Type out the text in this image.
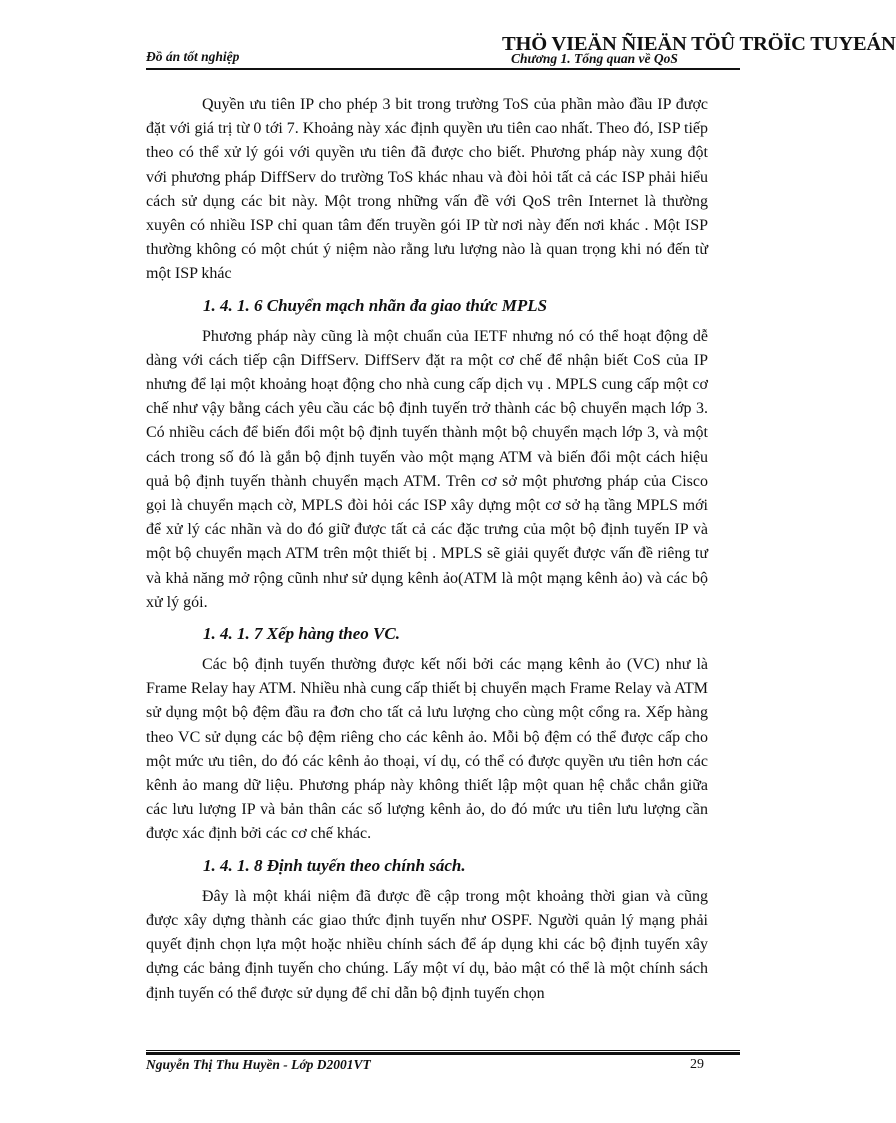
Đồ án tốt nghiệp	Chương 1. Tổng quan về QoS
THÖ VIEÄN ÑIEÄN TÖÛ TRÖÏC TUYEÁN

Quyền ưu tiên IP cho phép 3 bit trong trường ToS của phần mào đầu IP được đặt với giá trị từ 0 tới 7. Khoảng này xác định quyền ưu tiên cao nhất. Theo đó, ISP tiếp theo có thể xử lý gói với quyền ưu tiên đã được cho biết. Phương pháp này xung đột với phương pháp DiffServ do trường ToS khác nhau và đòi hỏi tất cả các ISP phải hiểu cách sử dụng các bit này. Một trong những vấn đề với QoS trên Internet là thường xuyên có nhiều ISP chỉ quan tâm đến truyền gói IP từ nơi này đến nơi khác . Một ISP thường không có một chút ý niệm nào rằng lưu lượng nào là quan trọng khi nó đến từ một ISP khác

1. 4. 1. 6 Chuyển mạch nhãn đa giao thức MPLS

Phương pháp này cũng là một chuẩn của IETF nhưng nó có thể hoạt động dễ dàng với cách tiếp cận DiffServ. DiffServ đặt ra một cơ chế để nhận biết CoS của IP nhưng để lại một khoảng hoạt động cho nhà cung cấp dịch vụ . MPLS cung cấp một cơ chế như vậy bằng cách yêu cầu các bộ định tuyến trở thành các bộ chuyển mạch lớp 3. Có nhiều cách để biến đổi một bộ định tuyến thành một bộ chuyển mạch lớp 3, và một cách trong số đó là gắn bộ định tuyến vào một mạng ATM và biến đổi một cách hiệu quả bộ định tuyến thành chuyển mạch ATM. Trên cơ sở một phương pháp của Cisco gọi là chuyển mạch cờ, MPLS đòi hỏi các ISP xây dựng một cơ sở hạ tầng MPLS mới để xử lý các nhãn và do đó giữ được tất cả các đặc trưng của một bộ định tuyến IP và một bộ chuyển mạch ATM trên một thiết bị . MPLS sẽ giải quyết được vấn đề riêng tư và khả năng mở rộng cũnh như sử dụng kênh ảo(ATM là một mạng kênh ảo) và các bộ xử lý gói.

1. 4. 1. 7 Xếp hàng theo VC.

Các bộ định tuyến thường được kết nối bởi các mạng kênh ảo (VC) như là Frame Relay hay ATM. Nhiều nhà cung cấp thiết bị chuyển mạch Frame Relay và ATM sử dụng một bộ đệm đầu ra đơn cho tất cả lưu lượng cho cùng một cổng ra. Xếp hàng theo VC sử dụng các bộ đệm riêng cho các kênh ảo. Mỗi bộ đệm có thể được cấp cho một mức ưu tiên, do đó các kênh ảo thoại, ví dụ, có thể có được quyền ưu tiên hơn các kênh ảo mang dữ liệu. Phương pháp này không thiết lập một quan hệ chắc chắn giữa các lưu lượng IP và bản thân các số lượng kênh ảo, do đó mức ưu tiên lưu lượng cần được xác định bởi các cơ chế khác.

1. 4. 1. 8 Định tuyến theo chính sách.

Đây là một khái niệm đã được đề cập trong một khoảng thời gian và cũng được xây dựng thành các giao thức định tuyến như OSPF. Người quản lý mạng phải quyết định chọn lựa một hoặc nhiều chính sách để áp dụng khi các bộ định tuyến xây dựng các bảng định tuyến cho chúng. Lấy một ví dụ, bảo mật có thể là một chính sách định tuyến có thể được sử dụng để chỉ dẫn bộ định tuyến chọn

Nguyễn Thị Thu Huyền - Lớp D2001VT	29
